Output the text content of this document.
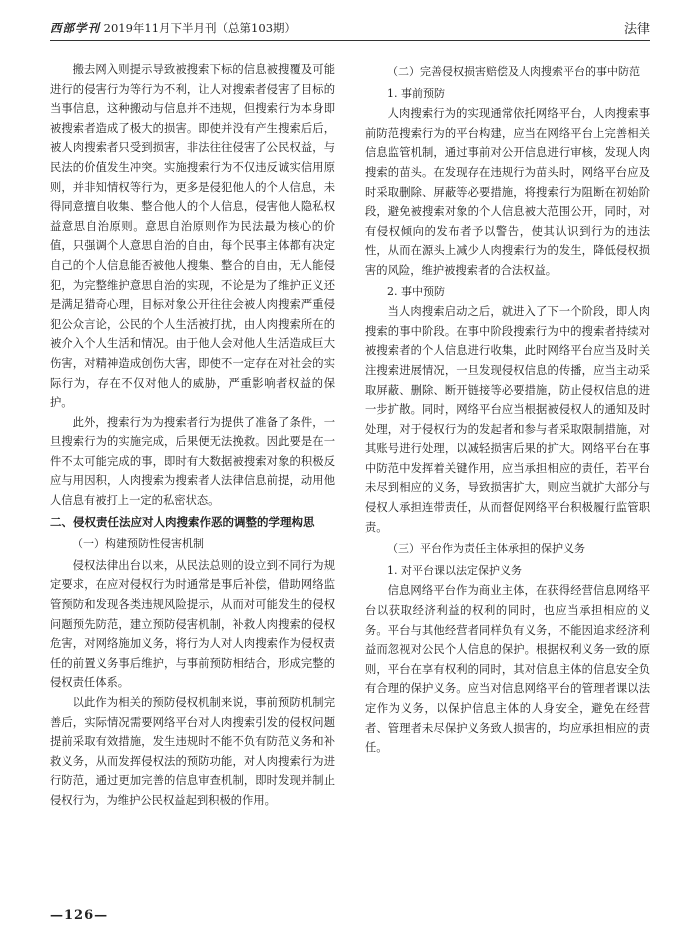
西部学刊 2019年11月下半月刊（总第103期）	法律

搬去网入则提示导致被搜索下标的信息被搜覆及可能进行的侵害行为等行为不利，让人对搜索者侵害了目标的当事信息，这种搬动与信息并不违规，但搜索行为本身即被搜索者造成了极大的损害。即使并没有产生搜索后后，被人肉搜索者只受到损害，非法往往侵害了公民权益，与民法的价值发生冲突。实施搜索行为不仅违反诚实信用原则，并非知情权等行为，更多是侵犯他人的个人信息，未得同意擅自收集、整合他人的个人信息，侵害他人隐私权益意思自治原则。意思自治原则作为民法最为核心的价值，只强调个人意思自治的自由，每个民事主体都有决定自己的个人信息能否被他人搜集、整合的自由，无人能侵犯，为完整维护意思自治的实现，不论是为了维护正义还是满足猎奇心理，目标对象公开往往会被人肉搜索严重侵犯公众言论，公民的个人生活被打扰，由人肉搜索所在的被介入个人生活和情况。由于他人会对他人生活造成巨大伤害，对精神造成创伤大害，即使不一定存在对社会的实际行为，存在不仅对他人的威胁，严重影响者权益的保护。

此外，搜索行为为搜索者行为提供了准备了条件，一旦搜索行为的实施完成，后果便无法挽救。因此要是在一件不太可能完成的事，即时有大数据被搜索对象的积极反应与用因积，人肉搜索为搜索者人法律信息前提，动用他人信息有被打上一定的私密状态。

二、侵权责任法应对人肉搜索作恶的调整的学理构思
（一）构建预防性侵害机制

侵权法律出台以来，从民法总则的设立到不同行为规定要求，在应对侵权行为时通常是事后补偿，借助网络监管预防和发现各类违规风险提示，从而对可能发生的侵权问题预先防范，建立预防侵害机制，补救人肉搜索的侵权危害，对网络施加义务，将行为人对人肉搜索作为侵权责任的前置义务事后维护，与事前预防相结合，形成完整的侵权责任体系。

以此作为相关的预防侵权机制来说，事前预防机制完善后，实际情况需要网络平台对人肉搜索引发的侵权问题提前采取有效措施，发生违规时不能不负有防范义务和补救义务，从而发挥侵权法的预防功能，对人肉搜索行为进行防范，通过更加完善的信息审查机制，即时发现并制止侵权行为，为维护公民权益起到积极的作用。

（二）完善侵权损害赔偿及人肉搜索平台的事中防范
1. 事前预防

人肉搜索行为的实现通常依托网络平台，人肉搜索事前防范搜索行为的平台构建，应当在网络平台上完善相关信息监管机制，通过事前对公开信息进行审核，发现人肉搜索的苗头。在发现存在违规行为苗头时，网络平台应及时采取删除、屏蔽等必要措施，将搜索行为阻断在初始阶段，避免被搜索对象的个人信息被大范围公开，同时，对有侵权倾向的发布者予以警告，使其认识到行为的违法性，从而在源头上减少人肉搜索行为的发生，降低侵权损害的风险，维护被搜索者的合法权益。

2. 事中预防

当人肉搜索启动之后，就进入了下一个阶段，即人肉搜索的事中阶段。在事中阶段搜索行为中的搜索者持续对被搜索者的个人信息进行收集，此时网络平台应当及时关注搜索进展情况，一旦发现侵权信息的传播，应当主动采取屏蔽、删除、断开链接等必要措施，防止侵权信息的进一步扩散。同时，网络平台应当根据被侵权人的通知及时处理，对于侵权行为的发起者和参与者采取限制措施，对其账号进行处理，以减轻损害后果的扩大。网络平台在事中防范中发挥着关键作用，应当承担相应的责任，若平台未尽到相应的义务，导致损害扩大，则应当就扩大部分与侵权人承担连带责任，从而督促网络平台积极履行监管职责。

（三）平台作为责任主体承担的保护义务
1. 对平台课以法定保护义务

信息网络平台作为商业主体，在获得经营信息网络平台以获取经济利益的权利的同时，也应当承担相应的义务。平台与其他经营者同样负有义务，不能因追求经济利益而忽视对公民个人信息的保护。根据权利义务一致的原则，平台在享有权利的同时，其对信息主体的信息安全负有合理的保护义务。应当对信息网络平台的管理者课以法定作为义务，以保护信息主体的人身安全，避免在经营者、管理者未尽保护义务致人损害的，均应承担相应的责任。

—126—
